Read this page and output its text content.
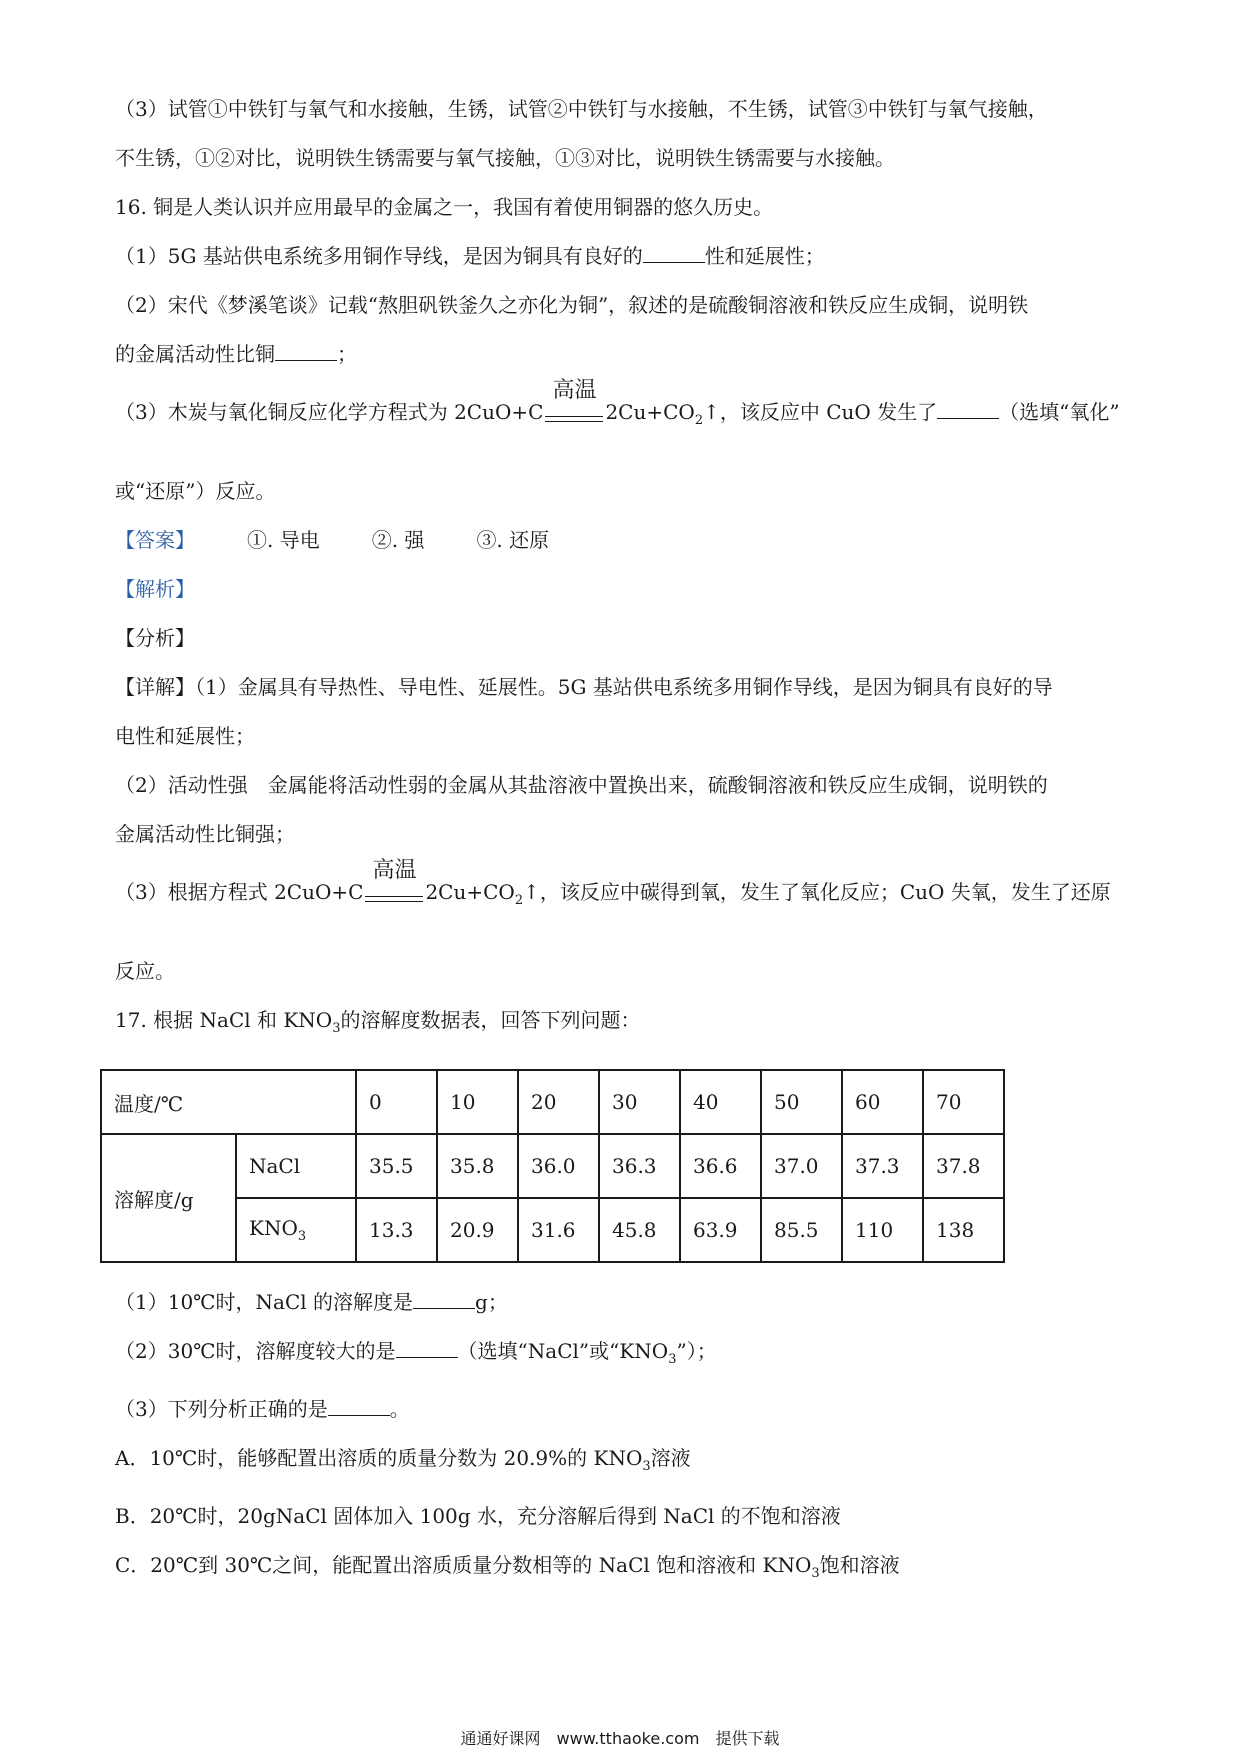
（3）试管①中铁钉与氧气和水接触，生锈，试管②中铁钉与水接触，不生锈，试管③中铁钉与氧气接触，
不生锈，①②对比，说明铁生锈需要与氧气接触，①③对比，说明铁生锈需要与水接触。
16. 铜是人类认识并应用最早的金属之一，我国有着使用铜器的悠久历史。
（1）5G 基站供电系统多用铜作导线，是因为铜具有良好的	性和延展性；
（2）宋代《梦溪笔谈》记载“熬胆矾铁釜久之亦化为铜”，叙述的是硫酸铜溶液和铁反应生成铜，说明铁
的金属活动性比铜	；
（3）木炭与氧化铜反应化学方程式为 2CuO+C
高温
$2Cu+CO_2↑$，该反应中 CuO 发生了	（选填“氧化”
或“还原”）反应。
【答案】	①. 导电	②. 强	③. 还原
【解析】
【分析】
【详解】（1）金属具有导热性、导电性、延展性。5G 基站供电系统多用铜作导线，是因为铜具有良好的导
电性和延展性；
（2）活动性强　金属能将活动性弱的金属从其盐溶液中置换出来，硫酸铜溶液和铁反应生成铜，说明铁的
金属活动性比铜强；
（3）根据方程式 2CuO+C
高温
$2Cu+CO_2↑$，该反应中碳得到氧，发生了氧化反应；CuO 失氧，发生了还原
反应。
17. 根据 NaCl 和 $KNO_3$的溶解度数据表，回答下列问题：
温度/℃		0	10	20	30	40	50	60	70
溶解度/g	NaCl	35.5	35.8	36.0	36.3	36.6	37.0	37.3	37.8
	$KNO_3$	13.3	20.9	31.6	45.8	63.9	85.5	110	138
（1）10℃时，NaCl 的溶解度是	g；
（2）30℃时，溶解度较大的是	（选填“NaCl”或“$KNO_3$”）；
（3）下列分析正确的是	。
A．10℃时，能够配置出溶质的质量分数为 20.9%的 $KNO_3$溶液
B．20℃时，20gNaCl 固体加入 100g 水，充分溶解后得到 NaCl 的不饱和溶液
C．20℃到 30℃之间，能配置出溶质质量分数相等的 NaCl 饱和溶液和 $KNO_3$饱和溶液
通通好课网　www.tthaoke.com　提供下载
